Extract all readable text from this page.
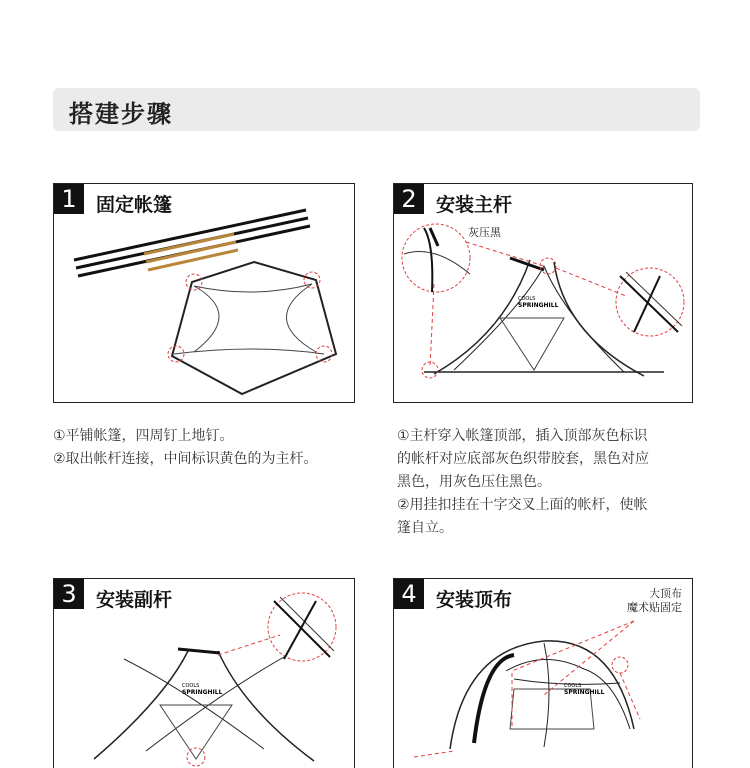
搭建步骤
1	固定帐篷
COOLS
SPRINGHILL
2	安装主杆
灰压黑
COOLS
SPRINGHILL
3	安装副杆
COOLS
SPRINGHILL
4	安装顶布	大顶布
魔术贴固定

①平铺帐篷，四周钉上地钉。

②取出帐杆连接，中间标识黄色的为主杆。

①主杆穿入帐篷顶部，插入顶部灰色标识

的帐杆对应底部灰色织带胶套，黑色对应

黑色，用灰色压住黑色。

②用挂扣挂在十字交叉上面的帐杆，使帐

篷自立。
